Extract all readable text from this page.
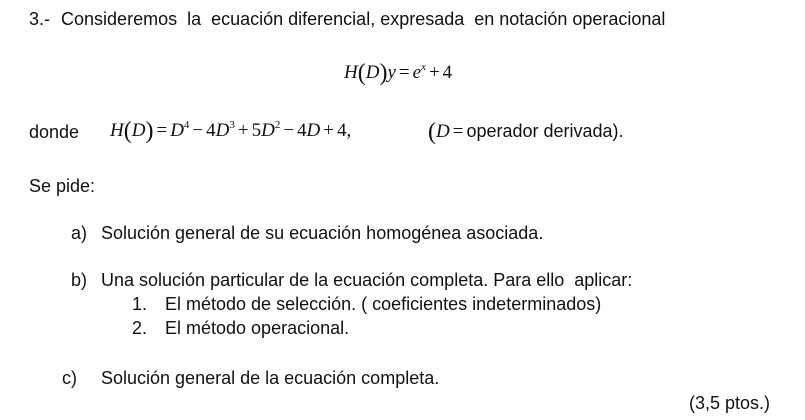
3.- Consideremos  la  ecuación diferencial, expresada  en notación operacional
$H(D)y = e^x + 4$
donde $H(D) = D^4 - 4D^3 + 5D^2 - 4D + 4$,	(D = operador derivada).
Se pide:
a) Solución general de su ecuación homogénea asociada.
b) Una solución particular de la ecuación completa. Para ello  aplicar:
1. El método de selección. ( coeficientes indeterminados)
2. El método operacional.
c) Solución general de la ecuación completa.
(3,5 ptos.)
